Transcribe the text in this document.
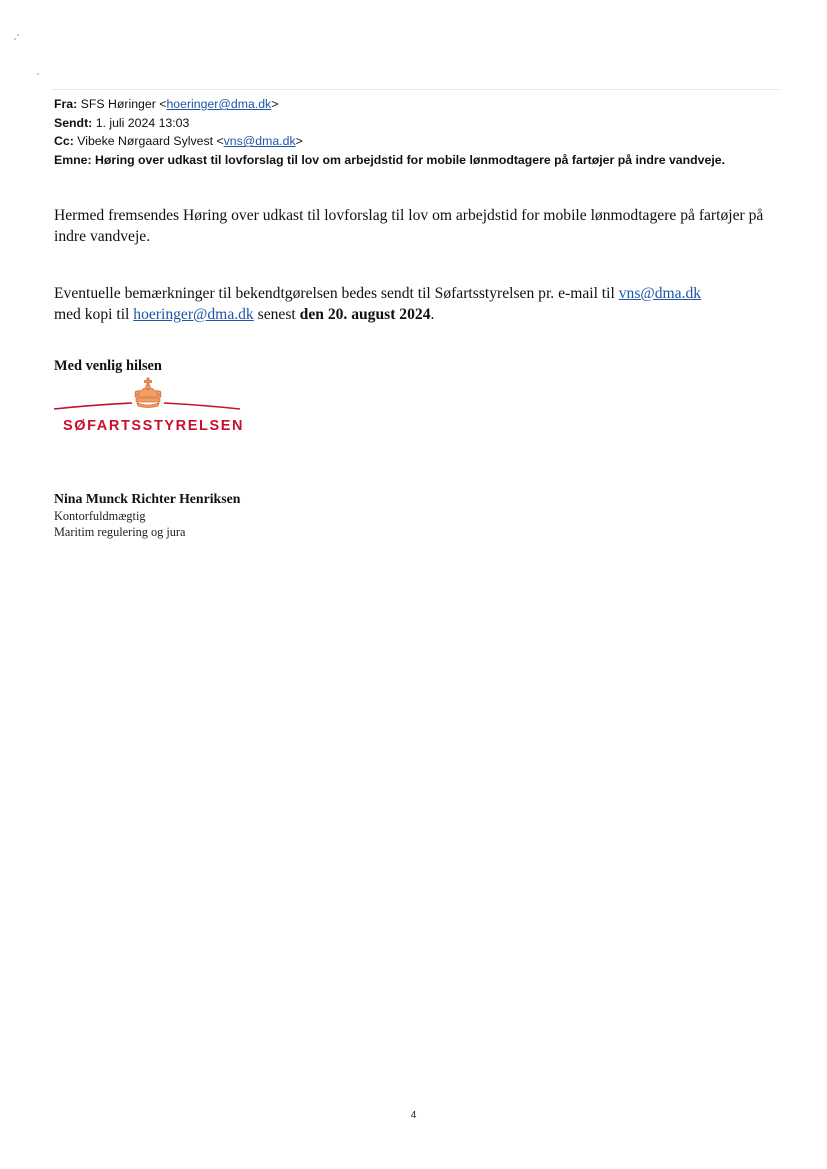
Fra: SFS Høringer <hoeringer@dma.dk>
Sendt: 1. juli 2024 13:03
Cc: Vibeke Nørgaard Sylvest <vns@dma.dk>
Emne: Høring over udkast til lovforslag til lov om arbejdstid for mobile lønmodtagere på fartøjer på indre vandveje.
Hermed fremsendes Høring over udkast til lovforslag til lov om arbejdstid for mobile lønmodtagere på fartøjer på indre vandveje.
Eventuelle bemærkninger til bekendtgørelsen bedes sendt til Søfartsstyrelsen pr. e-mail til vns@dma.dk
med kopi til hoeringer@dma.dk senest den 20. august 2024.
Med venlig hilsen
SØFARTSSTYRELSEN
Nina Munck Richter Henriksen
Kontorfuldmægtig
Maritim regulering og jura
4
